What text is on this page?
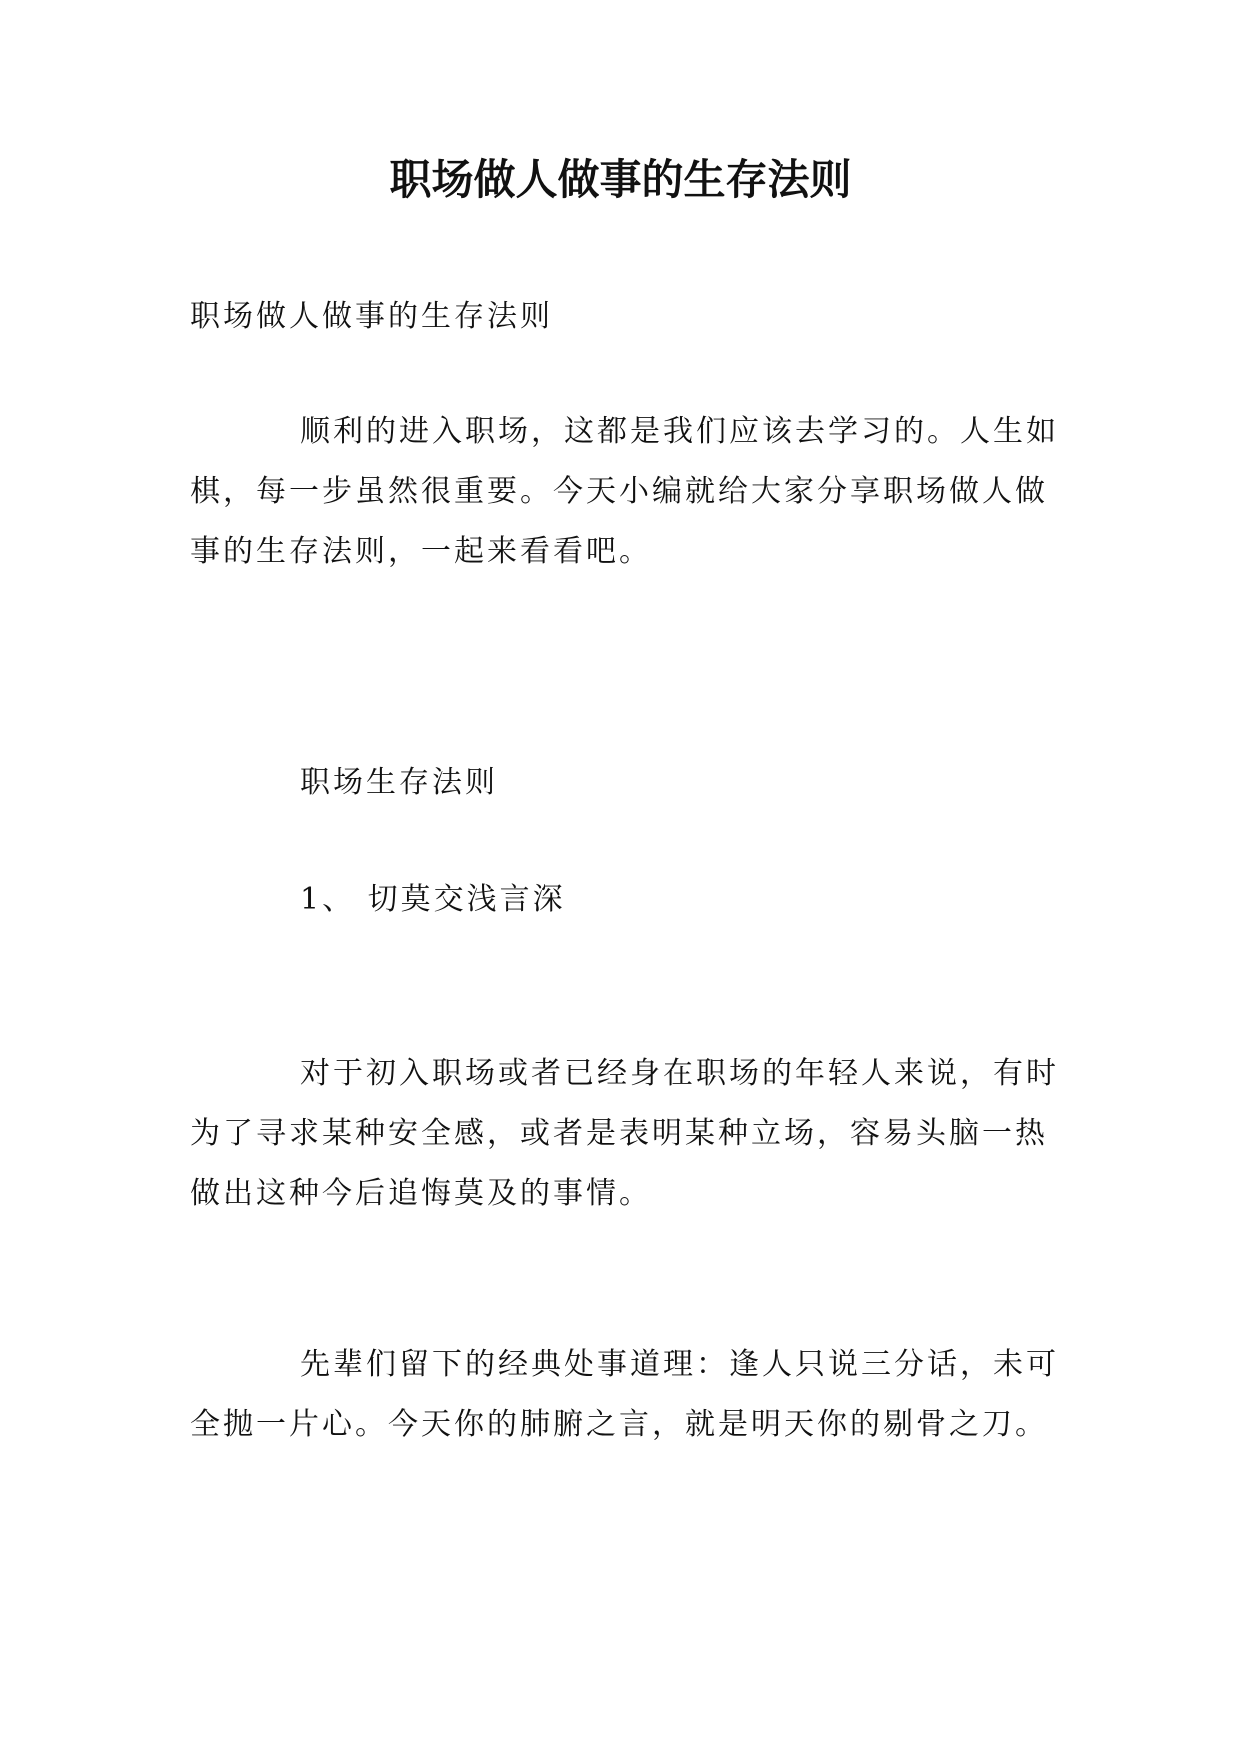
职场做人做事的生存法则

职场做人做事的生存法则

顺利的进入职场，这都是我们应该去学习的。人生如

棋，每一步虽然很重要。今天小编就给大家分享职场做人做

事的生存法则，一起来看看吧。

职场生存法则

1、 切莫交浅言深

对于初入职场或者已经身在职场的年轻人来说，有时

为了寻求某种安全感，或者是表明某种立场，容易头脑一热

做出这种今后追悔莫及的事情。

先辈们留下的经典处事道理：逢人只说三分话，未可

全抛一片心。今天你的肺腑之言，就是明天你的剔骨之刀。
